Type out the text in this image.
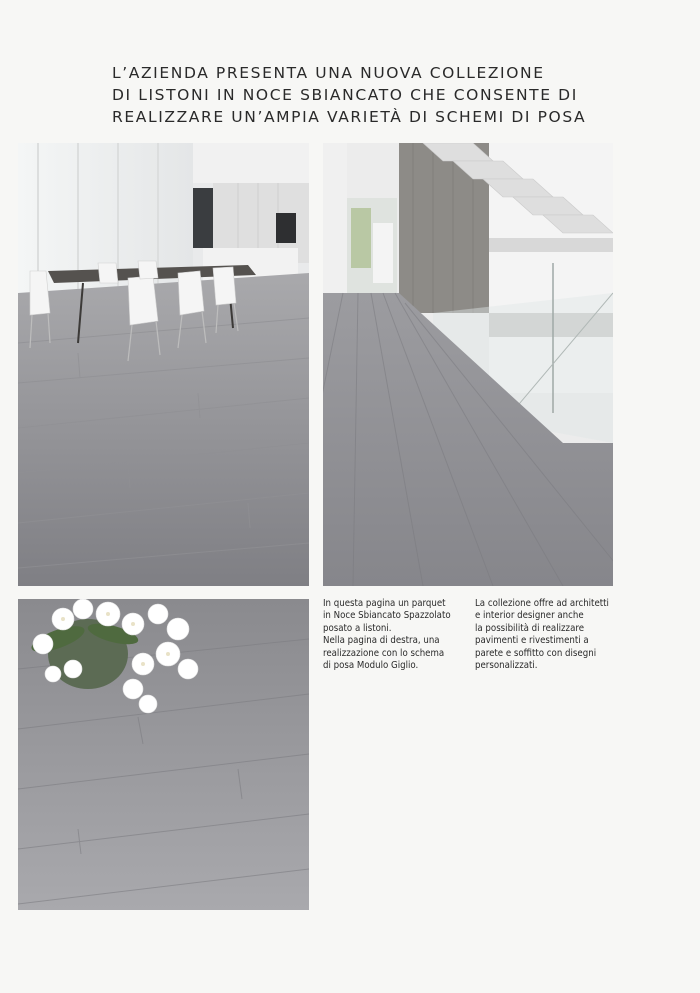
L’AZIENDA PRESENTA UNA NUOVA COLLEZIONE
DI LISTONI IN NOCE SBIANCATO CHE CONSENTE DI
REALIZZARE UN’AMPIA VARIETÀ DI SCHEMI DI POSA
In questa pagina un parquet
in Noce Sbiancato Spazzolato
posato a listoni.
Nella pagina di destra, una
realizzazione con lo schema
di posa Modulo Giglio.
La collezione offre ad architetti
e interior designer anche
la possibilità di realizzare
pavimenti e rivestimenti a
parete e soffitto con disegni
personalizzati.
